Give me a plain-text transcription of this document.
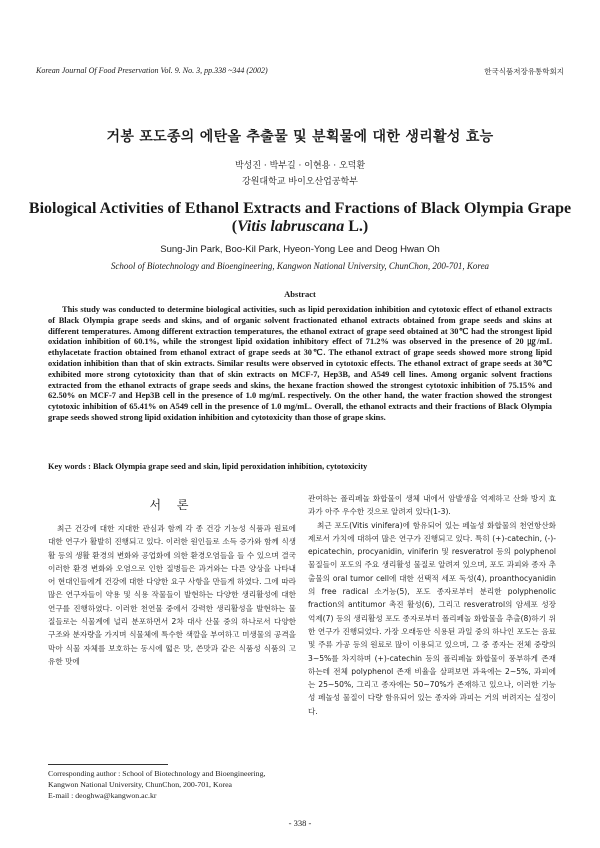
Korean Journal Of Food Preservation Vol. 9. No. 3, pp.338 ~344 (2002)	한국식품저장유통학회지
거봉 포도종의 에탄올 추출물 및 분획물에 대한 생리활성 효능
박성진 · 박부길 · 이현용 · 오덕환
강원대학교 바이오산업공학부
Biological Activities of Ethanol Extracts and Fractions of Black Olympia Grape
(Vitis labruscana L.)
Sung-Jin Park, Boo-Kil Park, Hyeon-Yong Lee and Deog Hwan Oh
School of Biotechnology and Bioengineering, Kangwon National University, ChunChon, 200-701, Korea
Abstract

This study was conducted to determine biological activities, such as lipid peroxidation inhibition and cytotoxic effect of ethanol extracts of Black Olympia grape seeds and skins, and of organic solvent fractionated ethanol extracts obtained from grape seeds and skins at different temperatures. Among different extraction temperatures, the ethanol extract of grape seed obtained at 30℃ had the strongest lipid oxidation inhibition of 60.1%, while the strongest lipid oxidation inhibitory effect of 71.2% was observed in the presence of 20 ㎍/mL ethylacetate fraction obtained from ethanol extract of grape seeds at 30℃. The ethanol extract of grape seeds showed more strong lipid oxidation inhibition than that of skin extracts. Similar results were observed in cytotoxic effects. The ethanol extract of grape seeds at 30℃ exhibited more strong cytotoxicity than that of skin extracts on MCF-7, Hep3B, and A549 cell lines. Among organic solvent fractions extracted from the ethanol extracts of grape seeds and skins, the hexane fraction showed the strongest cytotoxic inhibition of 75.15% and 62.50% on MCF-7 and Hep3B cell in the presence of 1.0 mg/mL respectively. On the other hand, the water fraction showed the strongest cytotoxic inhibition of 65.41% on A549 cell in the presence of 1.0 mg/mL. Overall, the ethanol extracts and their fractions of Black Olympia grape seeds showed strong lipid oxidation inhibition and cytotoxicity than those of grape skins.

Key words : Black Olympia grape seed and skin, lipid peroxidation inhibition, cytotoxicity
서 론

최근 건강에 대한 지대한 관심과 함께 각 종 건강 기능성 식품과 원료에 대한 연구가 활발히 진행되고 있다. 이러한 원인들로 소득 증가와 함께 식생활 등의 생활 환경의 변화와 공업화에 의한 환경오염들을 들 수 있으며 결국 이러한 환경 변화와 오염으로 인한 질병들은 과거와는 다른 양상을 나타내어 현대인들에게 건강에 대한 다양한 요구 사항을 만들게 하였다. 그에 따라 많은 연구자들이 약용 및 식용 작물들이 발현하는 다양한 생리활성에 대한 연구를 진행하였다. 이러한 천연물 중에서 강력한 생리활성을 발현하는 물질들로는 식물계에 널리 분포하면서 2차 대사 산물 중의 하나로서 다양한 구조와 분자량을 가지며 식물체에 특수한 색깔을 부여하고 미생물의 공격을 막아 식물 자체를 보호하는 동시에 떫은 맛, 쓴맛과 같은 식품성 식품의 고유한 맛에

관여하는 폴리페놀 화합물이 생체 내에서 암발생을 억제하고 산화 방지 효과가 아주 우수한 것으로 알려져 있다(1-3).

최근 포도(Vitis vinifera)에 함유되어 있는 페놀성 화합물의 천연항산화제로서 가치에 대하여 많은 연구가 진행되고 있다. 특히 (+)-catechin, (-)-epicatechin, procyanidin, viniferin 및 resveratrol 등의 polyphenol 물질들이 포도의 주요 생리활성 물질로 알려져 있으며, 포도 과피와 종자 추출물의 oral tumor cell에 대한 선택적 세포 독성(4), proanthocyanidin의 free radical 소거능(5), 포도 종자로부터 분리한 polyphenolic fraction의 antitumor 촉진 활성(6), 그리고 resveratrol의 암세포 성장 억제(7) 등의 생리활성 포도 종자로부터 폴리페놀 화합물을 추출(8)하기 위한 연구가 진행되었다. 가장 오래동안 식용된 과일 중의 하나인 포도는 음료 및 주류 가공 등의 원료로 많이 이용되고 있으며, 그 중 종자는 전체 중량의 3~5%를 차지하며 (+)-catechin 등의 폴리페놀 화합물이 풍부하게 존재하는데 전체 polyphenol 존재 비율을 살펴보면 과육에는 2~5%, 과피에는 25~50%, 그리고 종자에는 50~70%가 존재하고 있으나, 이러한 기능성 페놀성 물질이 다량 함유되어 있는 종자와 과피는 거의 버려지는 실정이다.

Corresponding author : School of Biotechnology and Bioengineering,
Kangwon National University, ChunChon, 200-701, Korea
E-mail : deoghwa@kangwon.ac.kr
- 338 -
